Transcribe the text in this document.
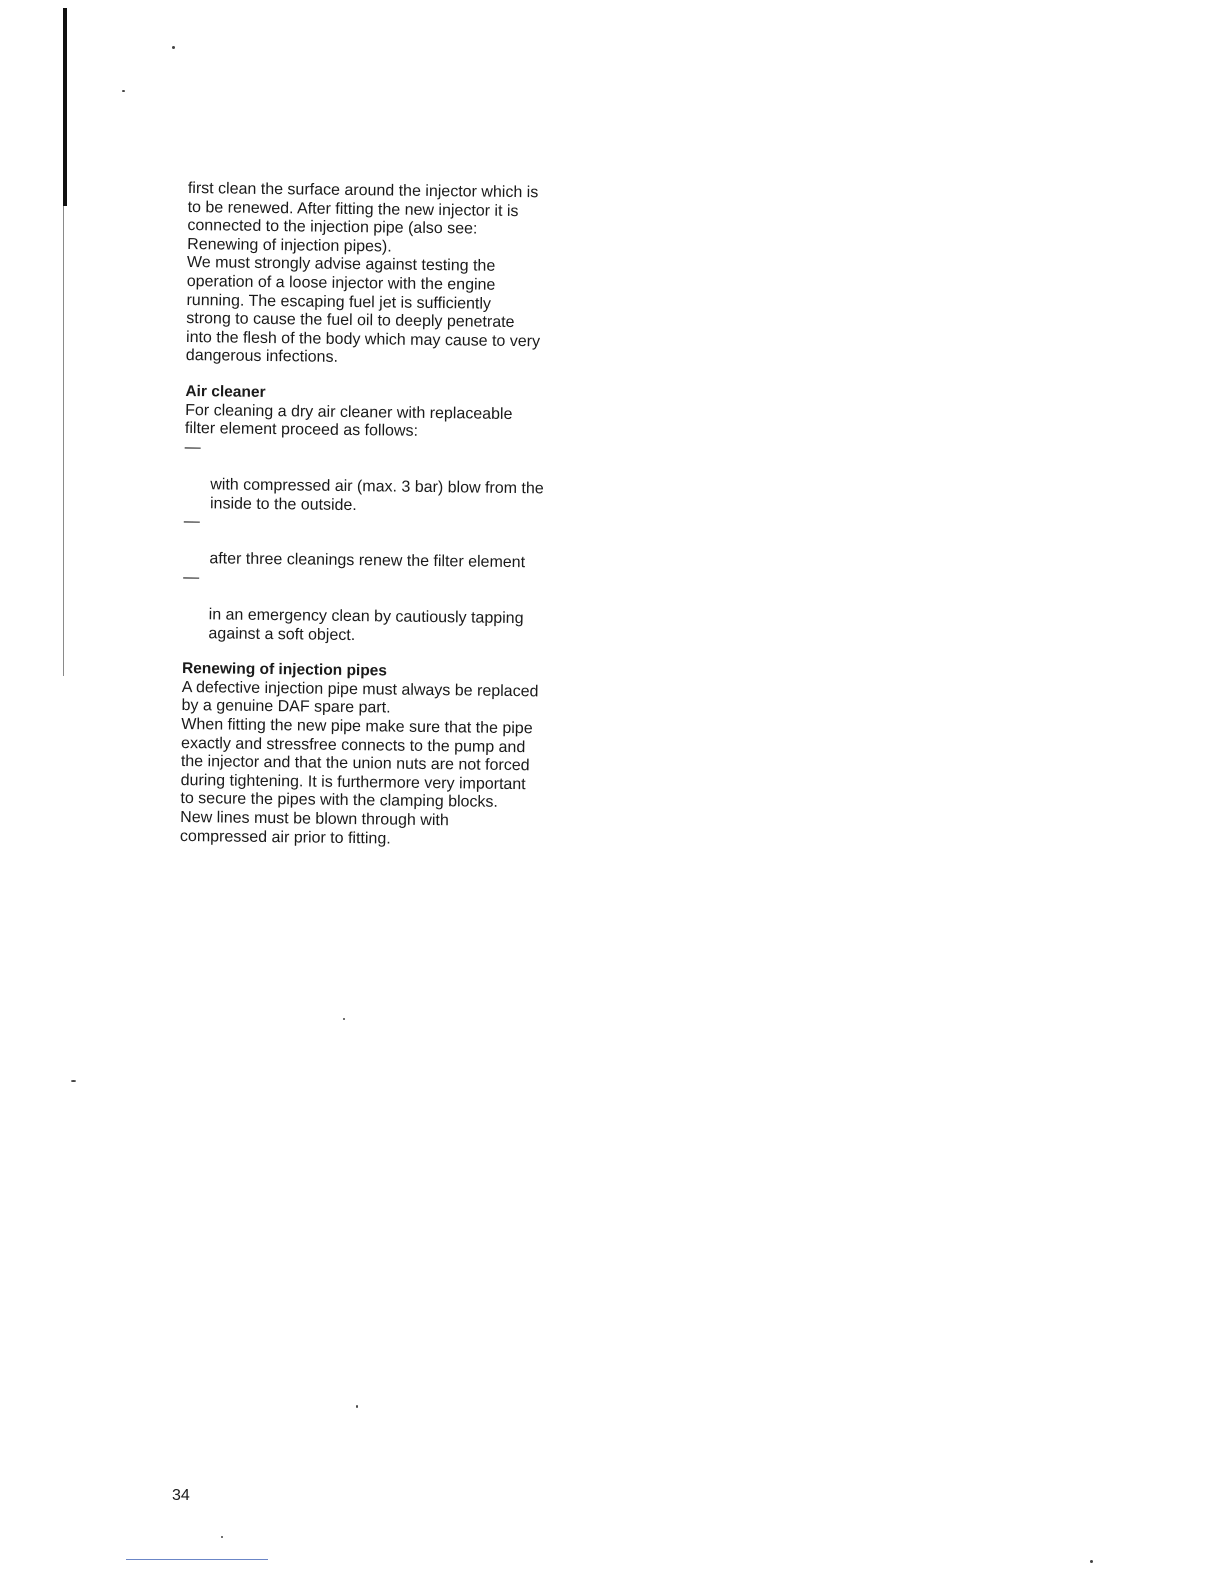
first clean the surface around the injector which is
to be renewed. After fitting the new injector it is
connected to the injection pipe (also see:
Renewing of injection pipes).
We must strongly advise against testing the
operation of a loose injector with the engine
running. The escaping fuel jet is sufficiently
strong to cause the fuel oil to deeply penetrate
into the flesh of the body which may cause to very
dangerous infections.

Air cleaner

For cleaning a dry air cleaner with replaceable
filter element proceed as follows:

—

with compressed air (max. 3 bar) blow from the
inside to the outside.

—

after three cleanings renew the filter element

—

in an emergency clean by cautiously tapping
against a soft object.

Renewing of injection pipes

A defective injection pipe must always be replaced
by a genuine DAF spare part.
When fitting the new pipe make sure that the pipe
exactly and stressfree connects to the pump and
the injector and that the union nuts are not forced
during tightening. It is furthermore very important
to secure the pipes with the clamping blocks.
New lines must be blown through with
compressed air prior to fitting.

34
